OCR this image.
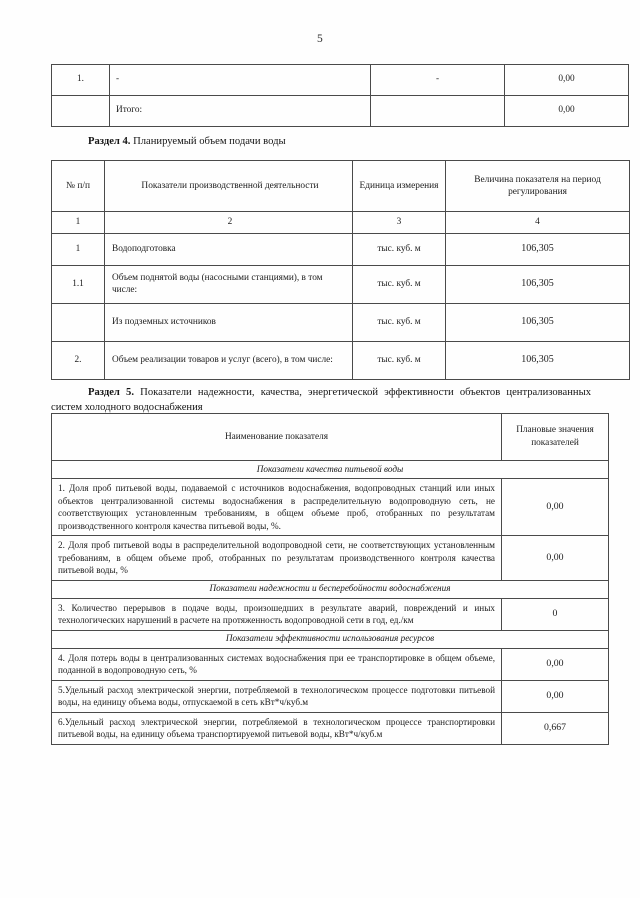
5
1.	-	-	0,00
	Итого:		0,00
Раздел 4. Планируемый объем подачи воды
№ п/п	Показатели производственной деятельности	Единица измерения	Величина показателя на период регулирования
1	2	3	4
1	Водоподготовка	тыс. куб. м	106,305
1.1	Объем поднятой воды (насосными станциями), в том числе:	тыс. куб. м	106,305
	Из подземных источников	тыс. куб. м	106,305
2.	Объем реализации товаров и услуг (всего), в том числе:	тыс. куб. м	106,305
Раздел 5. Показатели надежности, качества, энергетической эффективности объектов централизованных систем холодного водоснабжения
Наименование показателя	Плановые значения показателей
Показатели качества питьевой воды	
1. Доля проб питьевой воды, подаваемой с источников водоснабжения, водопроводных станций или иных объектов централизованной системы водоснабжения в распределительную водопроводную сеть, не соответствующих установленным требованиям, в общем объеме проб, отобранных по результатам производственного контроля качества питьевой воды, %.	0,00
2. Доля проб питьевой воды в распределительной водопроводной сети, не соответствующих установленным требованиям, в общем объеме проб, отобранных по результатам производственного контроля качества питьевой воды, %	0,00
Показатели надежности и бесперебойности водоснабжения	
3. Количество перерывов в подаче воды, произошедших в результате аварий, повреждений и иных технологических нарушений в расчете на протяженность водопроводной сети в год, ед./км	0
Показатели эффективности использования ресурсов	
4. Доля потерь воды в централизованных системах водоснабжения при ее транспортировке в общем объеме, поданной в водопроводную сеть, %	0,00
5.Удельный расход электрической энергии, потребляемой в технологическом процессе подготовки питьевой воды, на единицу объема воды, отпускаемой в сеть кВт*ч/куб.м	0,00
6.Удельный расход электрической энергии, потребляемой в технологическом процессе транспортировки питьевой воды, на единицу объема транспортируемой питьевой воды, кВт*ч/куб.м	0,667
